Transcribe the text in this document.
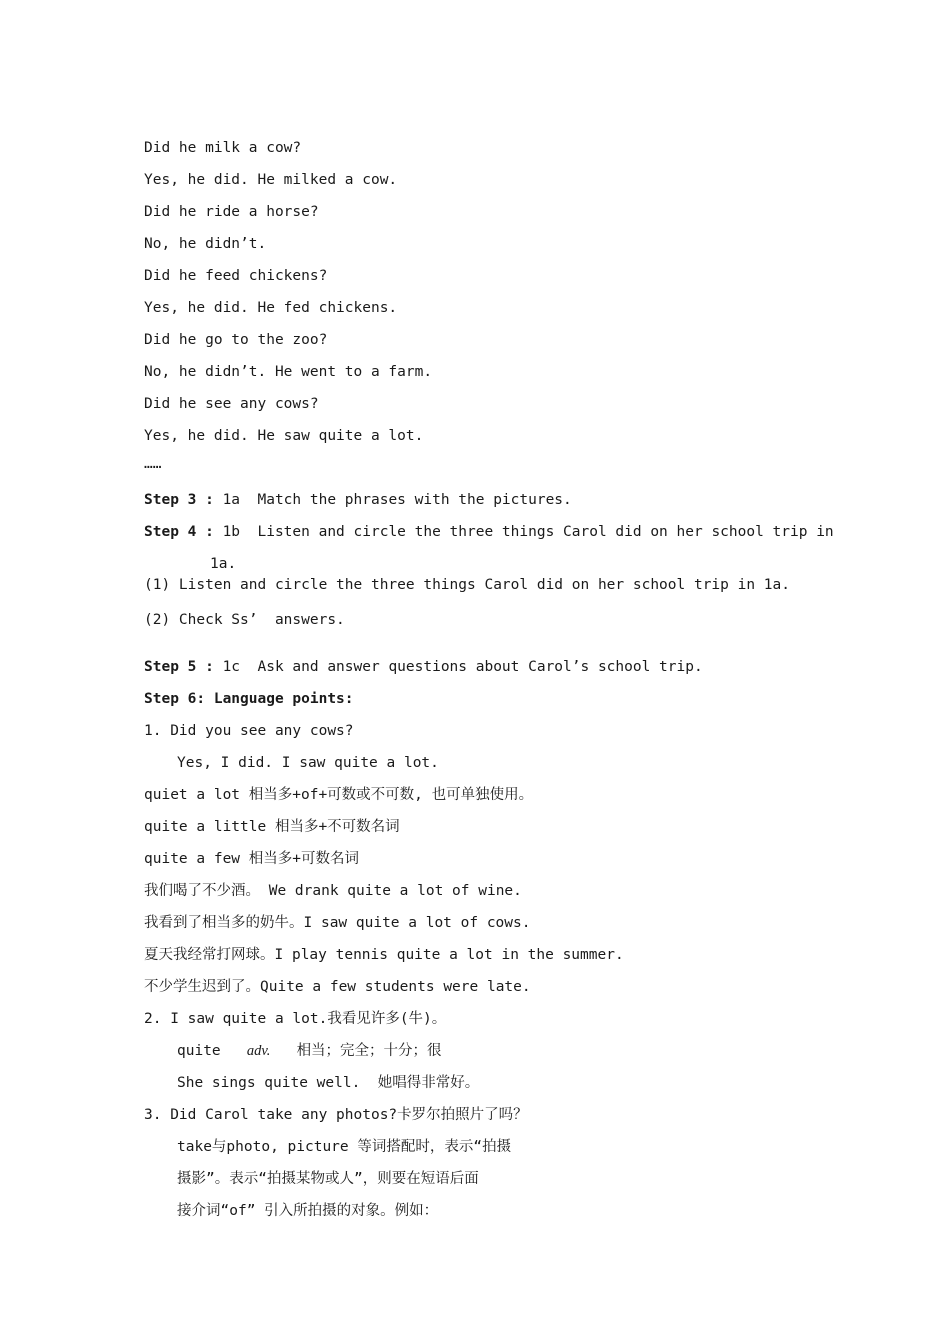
Did he milk a cow?
Yes, he did. He milked a cow.
Did he ride a horse?
No, he didn’t.
Did he feed chickens?
Yes, he did. He fed chickens.
Did he go to the zoo?
No, he didn’t. He went to a farm.
Did he see any cows?
Yes, he did. He saw quite a lot.
……
Step 3 : 1a  Match the phrases with the pictures.
Step 4 : 1b  Listen and circle the three things Carol did on her school trip in
1a.
(1) Listen and circle the three things Carol did on her school trip in 1a.
(2) Check Ss’  answers.
Step 5 : 1c  Ask and answer questions about Carol’s school trip.
Step 6: Language points:
1. Did you see any cows?
Yes, I did. I saw quite a lot.
quiet a lot 相当多+of+可数或不可数, 也可单独使用。
quite a little 相当多+不可数名词
quite a few 相当多+可数名词
我们喝了不少酒。 We drank quite a lot of wine.
我看到了相当多的奶牛。I saw quite a lot of cows.
夏天我经常打网球。I play tennis quite a lot in the summer.
不少学生迟到了。Quite a few students were late.
2. I saw quite a lot.我看见许多(牛)。
quite adv. 相当；完全；十分；很
She sings quite well.  她唱得非常好。
3. Did Carol take any photos?卡罗尔拍照片了吗？
take与photo, picture 等词搭配时，表示“拍摄
摄影”。表示“拍摄某物或人”，则要在短语后面
接介词“of” 引入所拍摄的对象。例如：
